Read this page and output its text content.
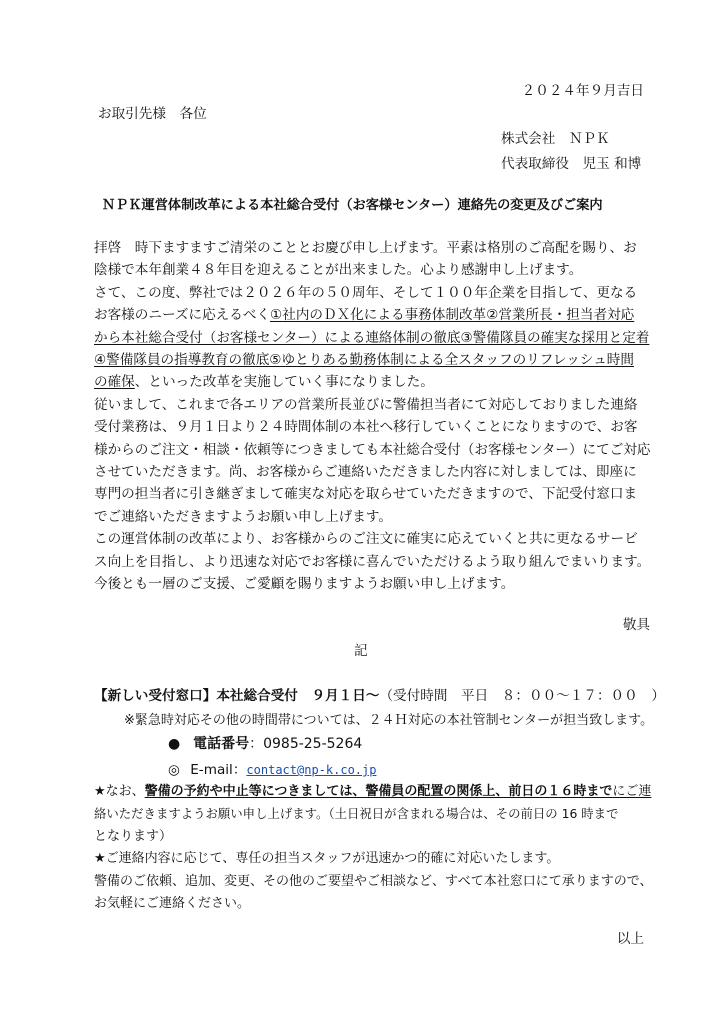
２０２４年９月吉日
お取引先様　各位
株式会社　ＮＰＫ
代表取締役　児玉 和博
ＮＰＫ運営体制改革による本社総合受付（お客様センター）連絡先の変更及びご案内
拝啓　時下ますますご清栄のこととお慶び申し上げます。平素は格別のご高配を賜り、お
陰様で本年創業４８年目を迎えることが出来ました。心より感謝申し上げます。
さて、この度、弊社では２０２６年の５０周年、そして１００年企業を目指して、更なる
お客様のニーズに応えるべく①社内のＤＸ化による事務体制改革②営業所長・担当者対応
から本社総合受付（お客様センター）による連絡体制の徹底③警備隊員の確実な採用と定着
④警備隊員の指導教育の徹底⑤ゆとりある勤務体制による全スタッフのリフレッシュ時間
の確保、といった改革を実施していく事になりました。
従いまして、これまで各エリアの営業所長並びに警備担当者にて対応しておりました連絡
受付業務は、９月１日より２４時間体制の本社へ移行していくことになりますので、お客
様からのご注文・相談・依頼等につきましても本社総合受付（お客様センター）にてご対応
させていただきます。尚、お客様からご連絡いただきました内容に対しましては、即座に
専門の担当者に引き継ぎまして確実な対応を取らせていただきますので、下記受付窓口ま
でご連絡いただきますようお願い申し上げます。
この運営体制の改革により、お客様からのご注文に確実に応えていくと共に更なるサービ
ス向上を目指し、より迅速な対応でお客様に喜んでいただけるよう取り組んでまいります。
今後とも一層のご支援、ご愛顧を賜りますようお願い申し上げます。
敬具
記
【新しい受付窓口】本社総合受付　９月１日～（受付時間　平日　８：００～１７：００　）
※緊急時対応その他の時間帯については、２４Ｈ対応の本社管制センターが担当致します。
● 電話番号：0985-25-5264
◎ E-mail：contact@np-k.co.jp
★なお、警備の予約や中止等につきましては、警備員の配置の関係上、前日の１６時までにご連
絡いただきますようお願い申し上げます。（土日祝日が含まれる場合は、その前日の 16 時まで
となります）
★ご連絡内容に応じて、専任の担当スタッフが迅速かつ的確に対応いたします。
警備のご依頼、追加、変更、その他のご要望やご相談など、すべて本社窓口にて承りますので、
お気軽にご連絡ください。
以上
